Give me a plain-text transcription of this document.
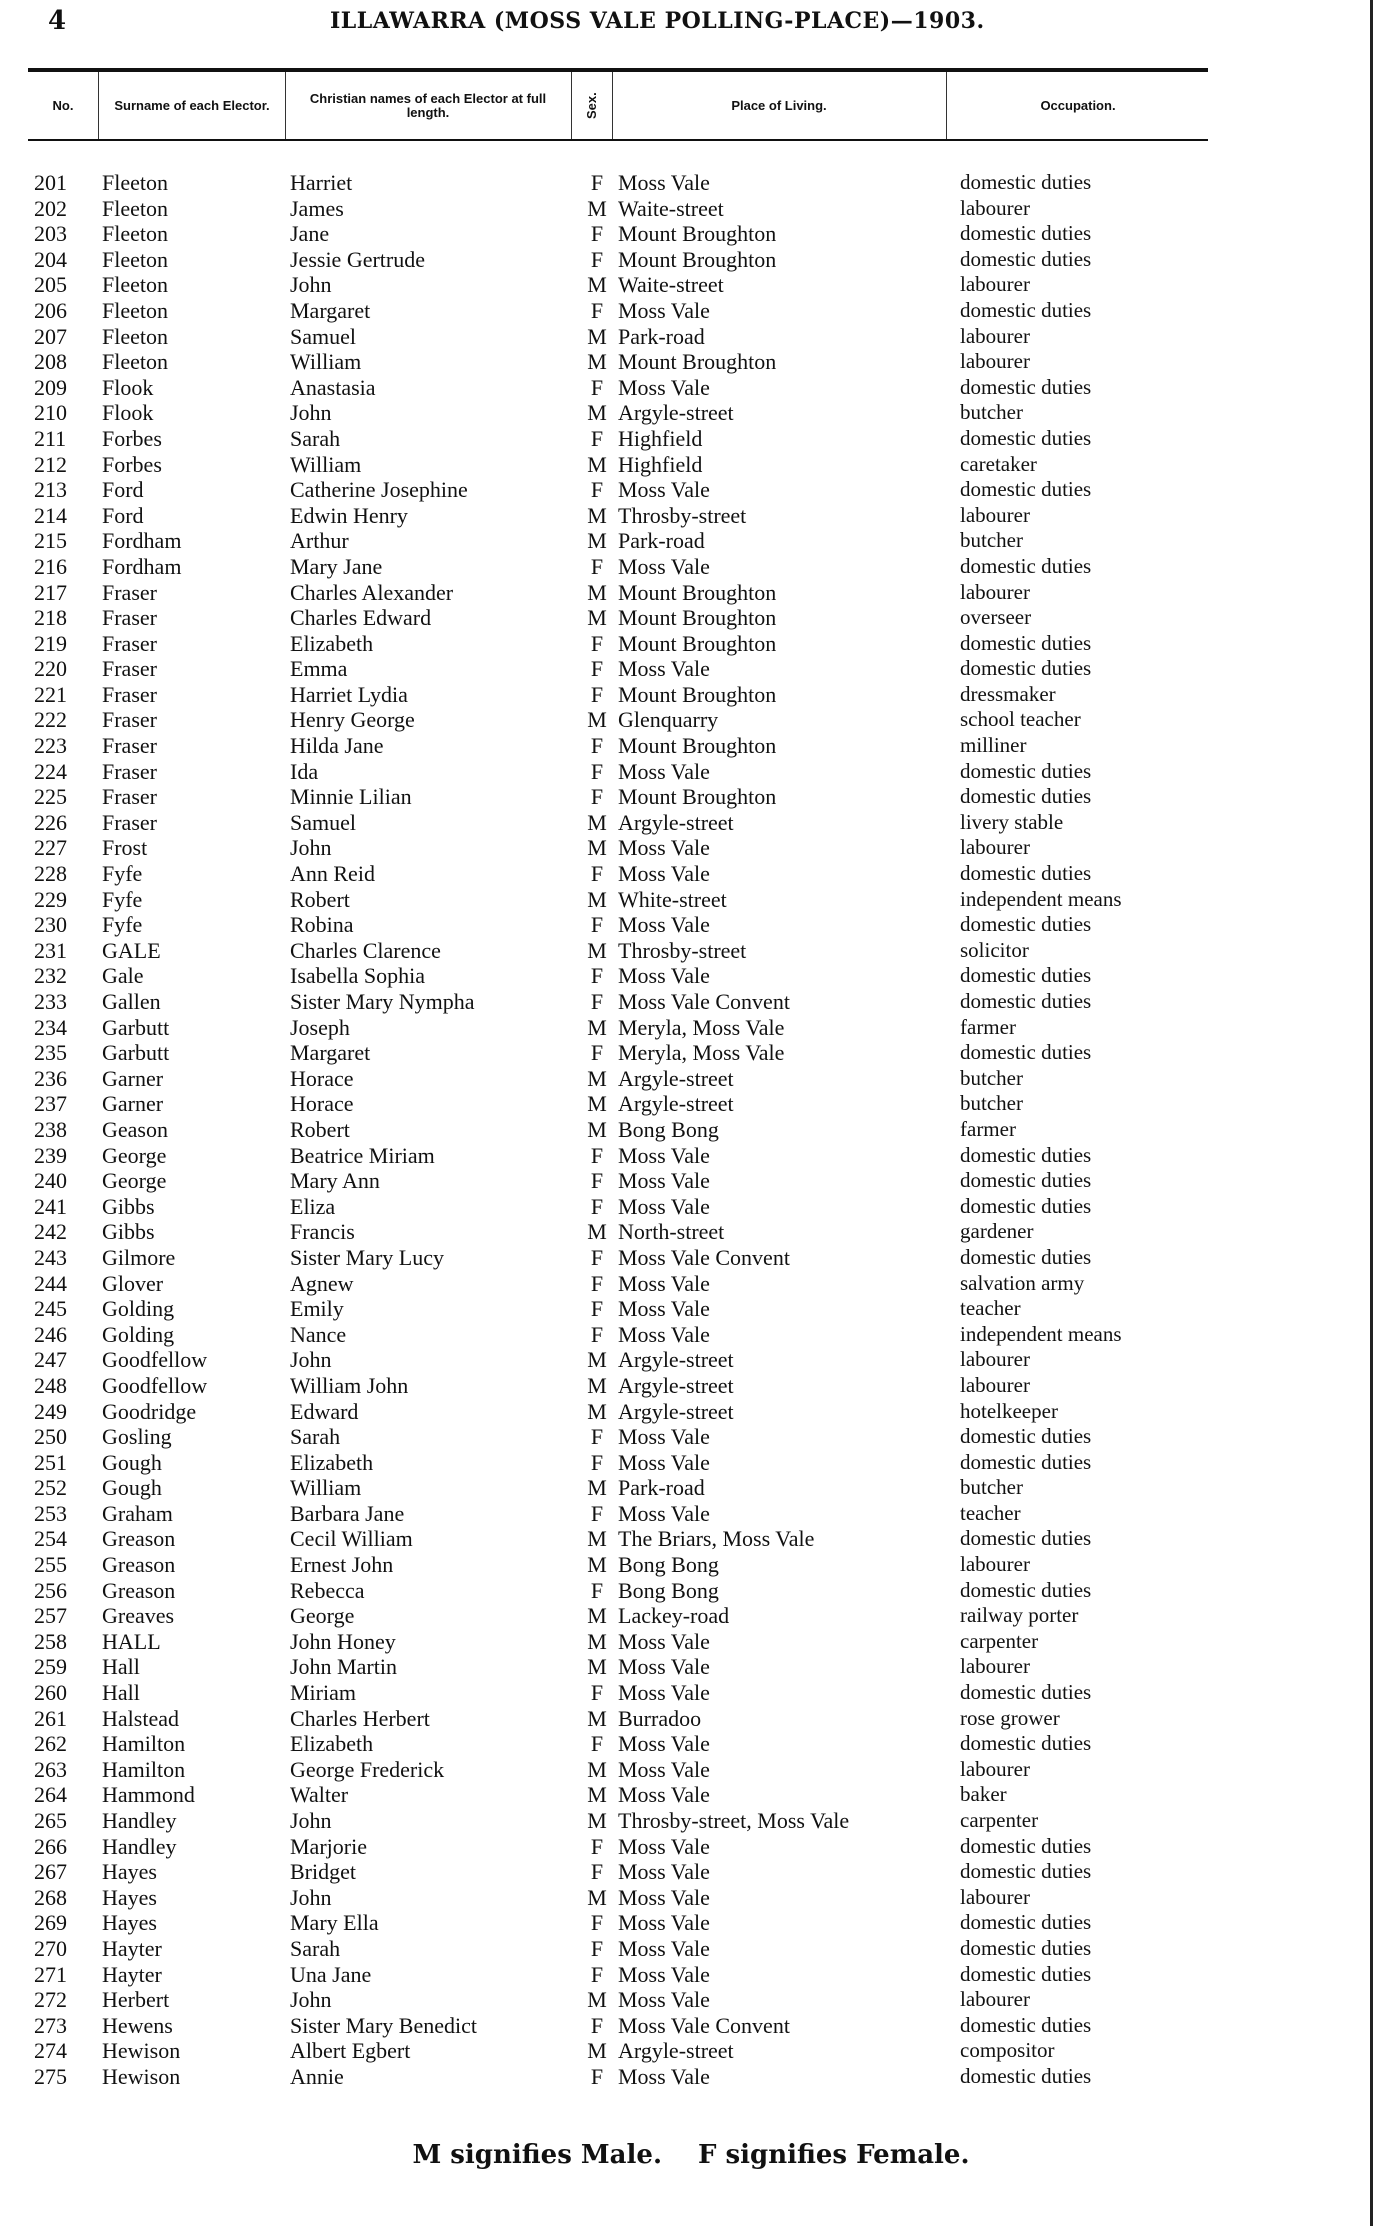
4	ILLAWARRA (MOSS VALE POLLING-PLACE)—1903.
No.	Surname of each Elector.	Christian names of each Elector at full length.	Sex.	Place of Living.	Occupation.
201	Fleeton	Harriet	F Moss Vale	domestic duties
202	Fleeton	James	M Waite-street	labourer
203	Fleeton	Jane	F Mount Broughton	domestic duties
204	Fleeton	Jessie Gertrude	F Mount Broughton	domestic duties
205	Fleeton	John	M Waite-street	labourer
206	Fleeton	Margaret	F Moss Vale	domestic duties
207	Fleeton	Samuel	M Park-road	labourer
208	Fleeton	William	M Mount Broughton	labourer
209	Flook	Anastasia	F Moss Vale	domestic duties
210	Flook	John	M Argyle-street	butcher
211	Forbes	Sarah	F Highfield	domestic duties
212	Forbes	William	M Highfield	caretaker
213	Ford	Catherine Josephine	F Moss Vale	domestic duties
214	Ford	Edwin Henry	M Throsby-street	labourer
215	Fordham	Arthur	M Park-road	butcher
216	Fordham	Mary Jane	F Moss Vale	domestic duties
217	Fraser	Charles Alexander	M Mount Broughton	labourer
218	Fraser	Charles Edward	M Mount Broughton	overseer
219	Fraser	Elizabeth	F Mount Broughton	domestic duties
220	Fraser	Emma	F Moss Vale	domestic duties
221	Fraser	Harriet Lydia	F Mount Broughton	dressmaker
222	Fraser	Henry George	M Glenquarry	school teacher
223	Fraser	Hilda Jane	F Mount Broughton	milliner
224	Fraser	Ida	F Moss Vale	domestic duties
225	Fraser	Minnie Lilian	F Mount Broughton	domestic duties
226	Fraser	Samuel	M Argyle-street	livery stable
227	Frost	John	M Moss Vale	labourer
228	Fyfe	Ann Reid	F Moss Vale	domestic duties
229	Fyfe	Robert	M White-street	independent means
230	Fyfe	Robina	F Moss Vale	domestic duties
231	GALE	Charles Clarence	M Throsby-street	solicitor
232	Gale	Isabella Sophia	F Moss Vale	domestic duties
233	Gallen	Sister Mary Nympha	F Moss Vale Convent	domestic duties
234	Garbutt	Joseph	M Meryla, Moss Vale	farmer
235	Garbutt	Margaret	F Meryla, Moss Vale	domestic duties
236	Garner	Horace	M Argyle-street	butcher
237	Garner	Horace	M Argyle-street	butcher
238	Geason	Robert	M Bong Bong	farmer
239	George	Beatrice Miriam	F Moss Vale	domestic duties
240	George	Mary Ann	F Moss Vale	domestic duties
241	Gibbs	Eliza	F Moss Vale	domestic duties
242	Gibbs	Francis	M North-street	gardener
243	Gilmore	Sister Mary Lucy	F Moss Vale Convent	domestic duties
244	Glover	Agnew	F Moss Vale	salvation army
245	Golding	Emily	F Moss Vale	teacher
246	Golding	Nance	F Moss Vale	independent means
247	Goodfellow	John	M Argyle-street	labourer
248	Goodfellow	William John	M Argyle-street	labourer
249	Goodridge	Edward	M Argyle-street	hotelkeeper
250	Gosling	Sarah	F Moss Vale	domestic duties
251	Gough	Elizabeth	F Moss Vale	domestic duties
252	Gough	William	M Park-road	butcher
253	Graham	Barbara Jane	F Moss Vale	teacher
254	Greason	Cecil William	M The Briars, Moss Vale	domestic duties
255	Greason	Ernest John	M Bong Bong	labourer
256	Greason	Rebecca	F Bong Bong	domestic duties
257	Greaves	George	M Lackey-road	railway porter
258	HALL	John Honey	M Moss Vale	carpenter
259	Hall	John Martin	M Moss Vale	labourer
260	Hall	Miriam	F Moss Vale	domestic duties
261	Halstead	Charles Herbert	M Burradoo	rose grower
262	Hamilton	Elizabeth	F Moss Vale	domestic duties
263	Hamilton	George Frederick	M Moss Vale	labourer
264	Hammond	Walter	M Moss Vale	baker
265	Handley	John	M Throsby-street, Moss Vale	carpenter
266	Handley	Marjorie	F Moss Vale	domestic duties
267	Hayes	Bridget	F Moss Vale	domestic duties
268	Hayes	John	M Moss Vale	labourer
269	Hayes	Mary Ella	F Moss Vale	domestic duties
270	Hayter	Sarah	F Moss Vale	domestic duties
271	Hayter	Una Jane	F Moss Vale	domestic duties
272	Herbert	John	M Moss Vale	labourer
273	Hewens	Sister Mary Benedict	F Moss Vale Convent	domestic duties
274	Hewison	Albert Egbert	M Argyle-street	compositor
275	Hewison	Annie	F Moss Vale	domestic duties
M signifies Male. F signifies Female.
